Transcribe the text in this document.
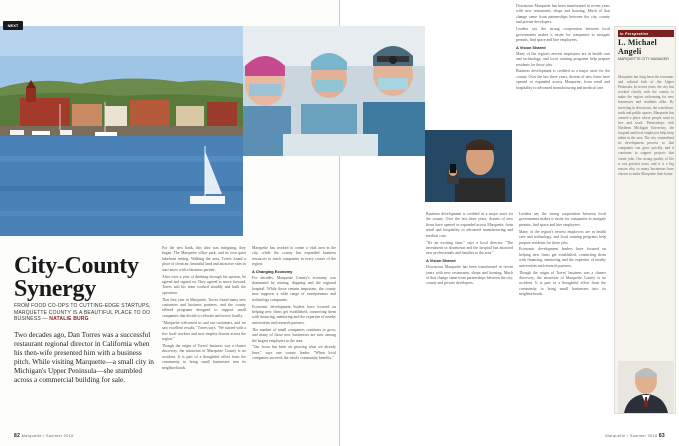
music
NEXT
City-County Synergy
FROM FOOD CO-OPS TO CUTTING-EDGE STARTUPS, MARQUETTE COUNTY IS A BEAUTIFUL PLACE TO DO BUSINESS — NATALIE BURG
Two decades ago, Dan Torres was a successful restaurant regional director in California when his then-wife presented him with a business pitch. While visiting Marquette—a small city in Michigan's Upper Peninsula—she stumbled across a commercial building for sale.

For the new bank, this idea was intriguing, they began. The Marquette office park, and its own quiet lakefront setting. Walking the area, Torres found a place of clean air, beautiful land and attractive sites to start anew with a business partner.

After over a year of thinking through his options, he agreed and signed on. They agreed to move forward. Torres and his team worked steadily and built the operation.

That first year in Marquette, Torres found many new customers and business partners, and the county offered programs designed to support small companies that decide to relocate and invest locally.

"Marquette welcomed us and our customers, and we saw excellent results," Torres says. "We started with a few local workers and now employ dozens across the region."

Though the origin of Torres' business was a chance discovery, the attraction of Marquette County is no accident. It is part of a thoughtful effort from the community to bring small businesses into its neighborhoods.

Marquette has worked to create a vital area in the city, while the county has expanded business resources to reach companies in every corner of the region.

A Changing Economy

For decades, Marquette County's economy was dominated by mining, shipping and the regional hospital. While those remain important, the county now supports a wide range of entrepreneurs and technology companies.

Economic development leaders have focused on helping new firms get established, connecting them with financing, mentoring and the expertise of nearby universities and research partners.

The number of small companies continues to grow, and many of those new businesses are now among the largest employers in the area.

"Our focus has been on growing what we already have," says one county leader. "When local companies succeed, the whole community benefits."

82 Marquette / Summer 2016

Business development is credited as a major asset for the county. Over the last three years, dozens of new firms have opened or expanded across Marquette, from retail and hospitality to advanced manufacturing and medical care.

"It's an exciting time," says a local director. "The investment in downtown and the hospital has attracted new professionals and families to the area."

A Vision Shared

Downtown Marquette has been transformed in recent years with new restaurants, shops and housing. Much of that change came from partnerships between the city, county and private developers.

Leaders say the strong cooperation between local governments makes it easier for companies to navigate permits, find space and hire employees.

Many of the region's newest employers are in health care and technology, and local training programs help prepare residents for those jobs.

Economic development leaders have focused on helping new firms get established, connecting them with financing, mentoring and the expertise of nearby universities and research partners.

Though the origin of Torres' business was a chance discovery, the attraction of Marquette County is no accident. It is part of a thoughtful effort from the community to bring small businesses into its neighborhoods.

Downtown Marquette has been transformed in recent years with new restaurants, shops and housing. Much of that change came from partnerships between the city, county and private developers.

Leaders say the strong cooperation between local governments makes it easier for companies to navigate permits, find space and hire employees.

A Vision Shared

Many of the region's newest employers are in health care and technology, and local training programs help prepare residents for those jobs.

Business development is credited as a major asset for the county. Over the last three years, dozens of new firms have opened or expanded across Marquette, from retail and hospitality to advanced manufacturing and medical care.

In Perspective
L. Michael Angeli
MARQUETTE CITY MANAGER
Marquette has long been the economic and cultural hub of the Upper Peninsula. In recent years, the city has worked closely with the county to make the region welcoming for new businesses and residents alike. By investing in downtown, the waterfront, trails and public spaces, Marquette has created a place where people want to live and work. Partnerships with Northern Michigan University, the hospital and local employers help keep talent in the area. The city streamlined its development process so that companies can grow quickly, and it continues to support projects that create jobs. Our strong quality of life is our greatest asset, and it is a big reason why so many businesses have chosen to make Marquette their home.
Marquette / Summer 2016 83
